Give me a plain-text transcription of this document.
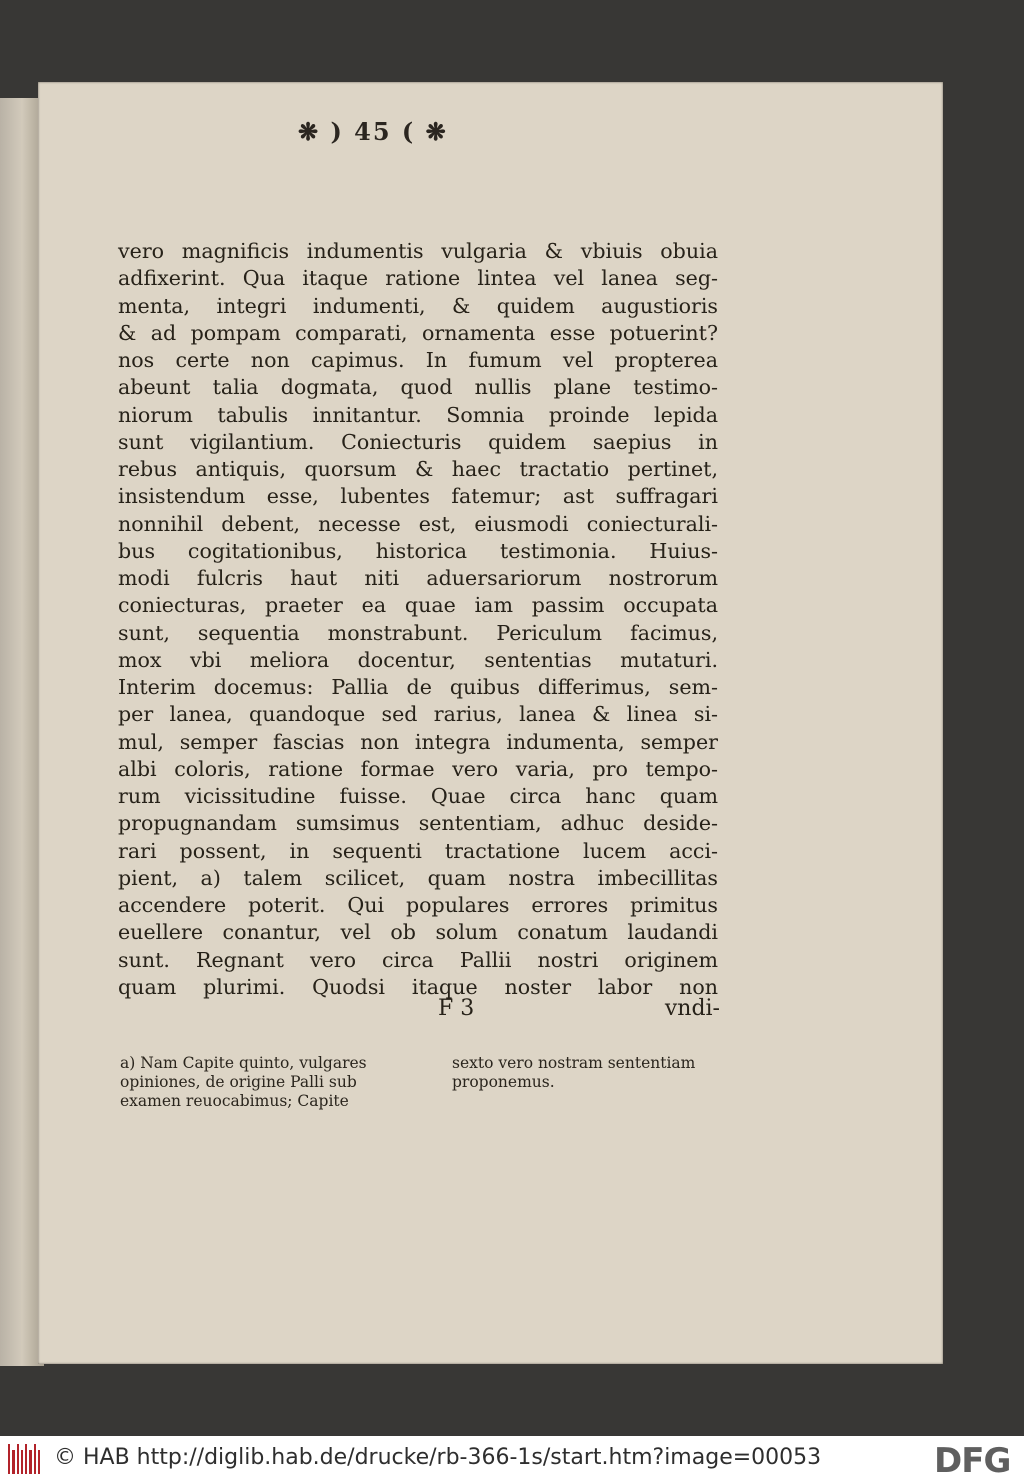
❋ ) 45 ( ❋
vero magnificis indumentis vulgaria & vbiuis obuia
adfixerint. Qua itaque ratione lintea vel lanea seg-
menta, integri indumenti, & quidem augustioris
& ad pompam comparati, ornamenta esse potuerint?
nos certe non capimus. In fumum vel propterea
abeunt talia dogmata, quod nullis plane testimo-
niorum tabulis innitantur. Somnia proinde lepida
sunt vigilantium. Coniecturis quidem saepius in
rebus antiquis, quorsum & haec tractatio pertinet,
insistendum esse, lubentes fatemur; ast suffragari
nonnihil debent, necesse est, eiusmodi coniecturali-
bus cogitationibus, historica testimonia. Huius-
modi fulcris haut niti aduersariorum nostrorum
coniecturas, praeter ea quae iam passim occupata
sunt, sequentia monstrabunt. Periculum facimus,
mox vbi meliora docentur, sententias mutaturi.
Interim docemus: Pallia de quibus differimus, sem-
per lanea, quandoque sed rarius, lanea & linea si-
mul, semper fascias non integra indumenta, semper
albi coloris, ratione formae vero varia, pro tempo-
rum vicissitudine fuisse. Quae circa hanc quam
propugnandam sumsimus sententiam, adhuc deside-
rari possent, in sequenti tractatione lucem acci-
pient, a) talem scilicet, quam nostra imbecillitas
accendere poterit. Qui populares errores primitus
euellere conantur, vel ob solum conatum laudandi
sunt. Regnant vero circa Pallii nostri originem
quam plurimi. Quodsi itaque noster labor non
F 3	vndi-
a) Nam Capite quinto, vulgares
opiniones, de origine Palli sub
examen reuocabimus; Capite
sexto vero nostram sententiam
proponemus.
© HAB http://diglib.hab.de/drucke/rb-366-1s/start.htm?image=00053	DFG
